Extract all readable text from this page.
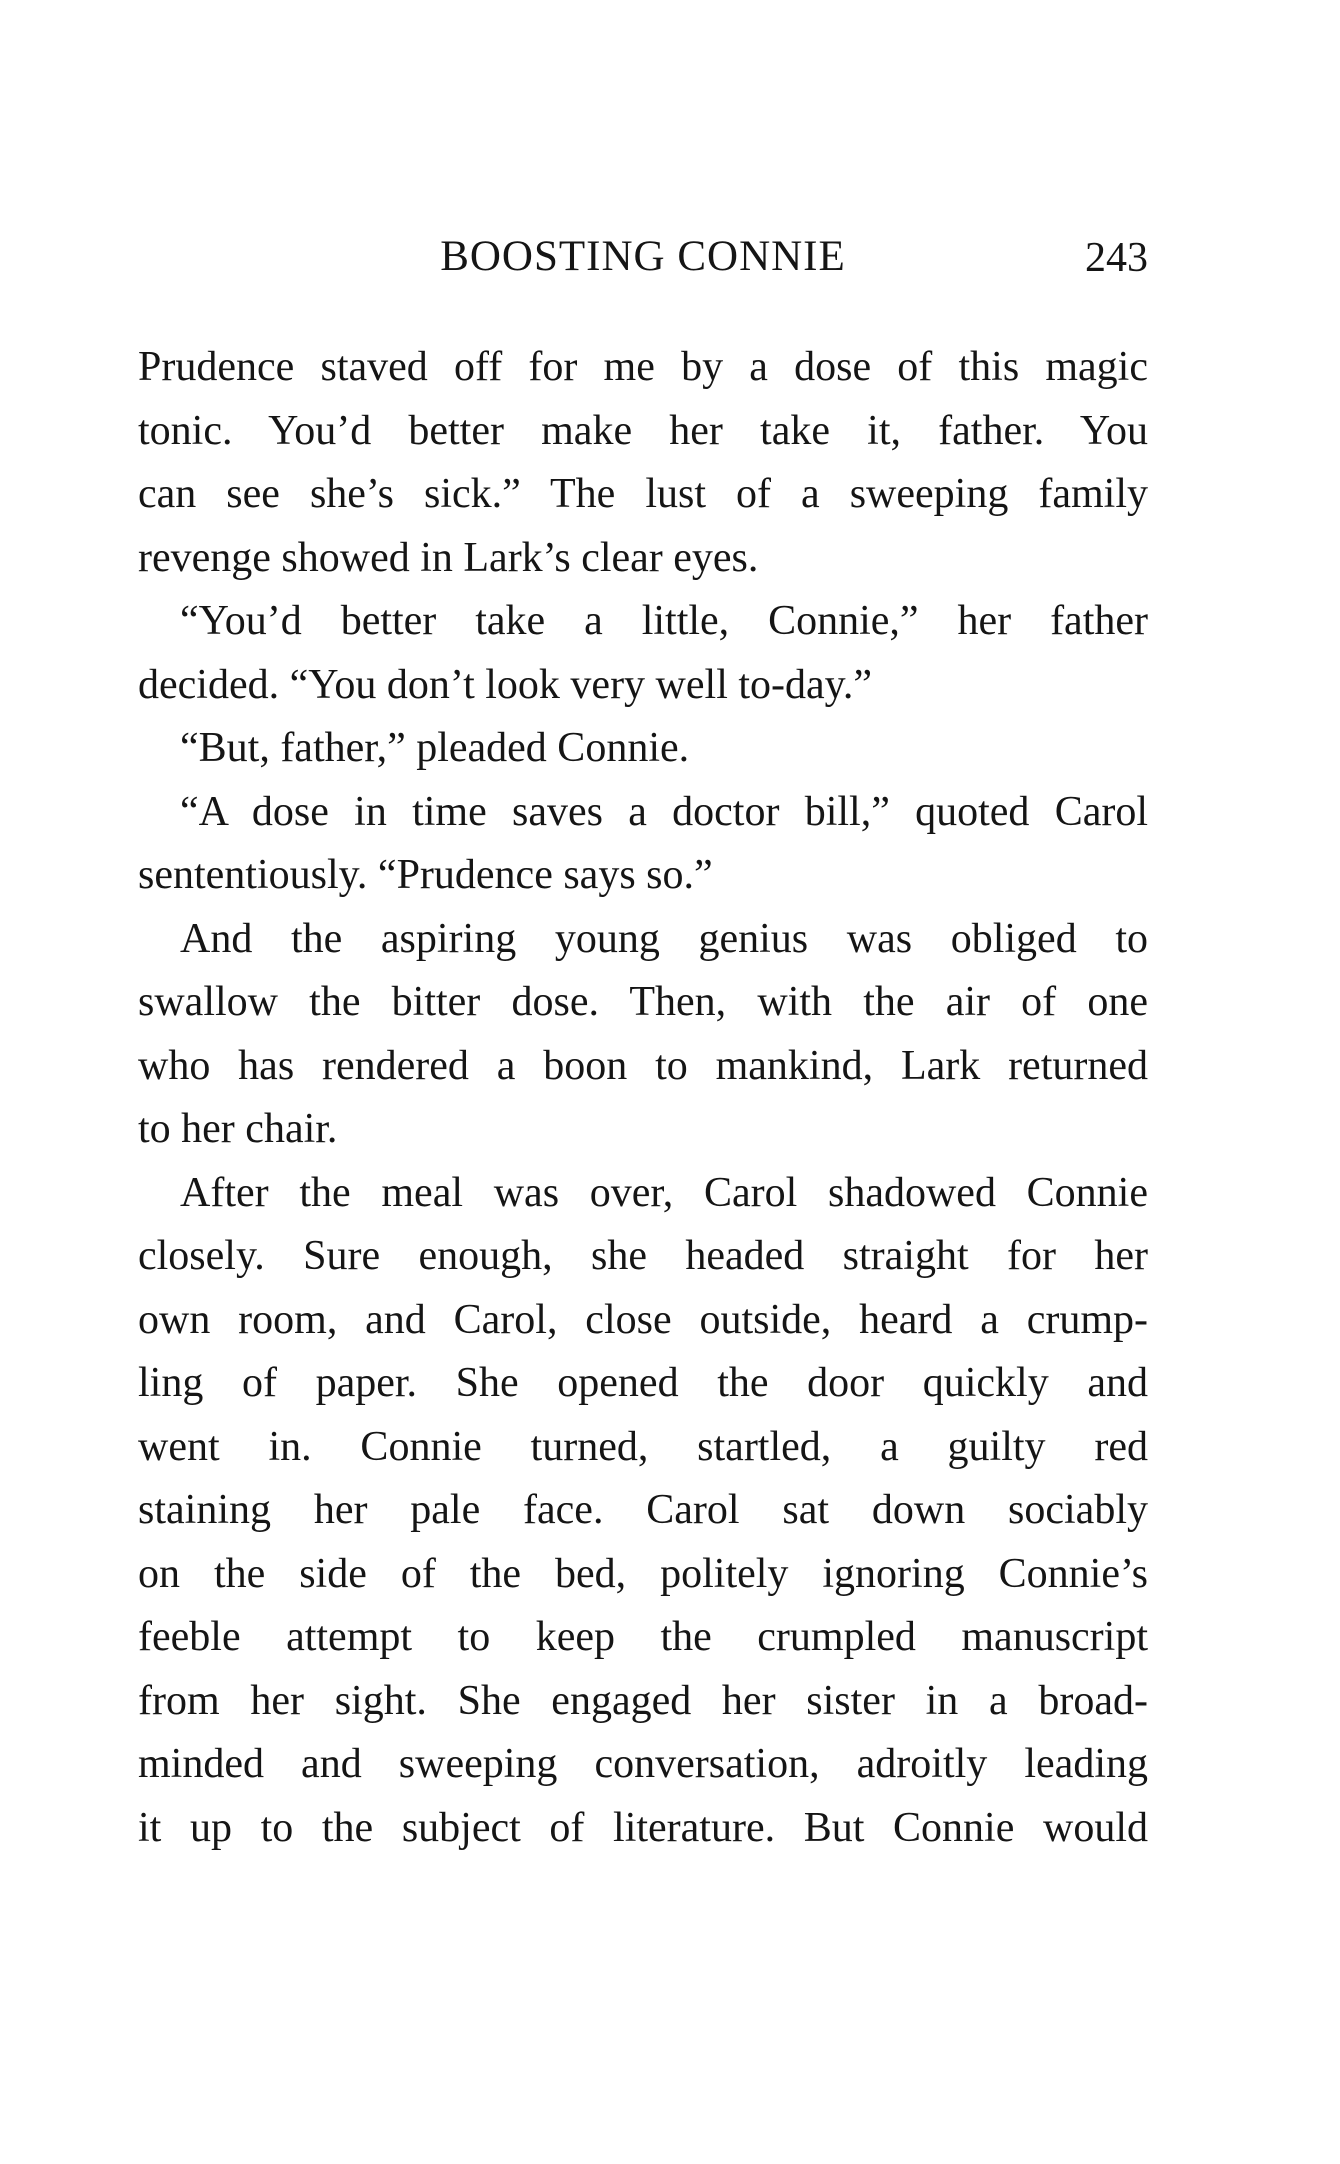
BOOSTING CONNIE	243
Prudence staved off for me by a dose of this magic
tonic. You’d better make her take it, father. You
can see she’s sick.” The lust of a sweeping family
revenge showed in Lark’s clear eyes.
“You’d better take a little, Connie,” her father
decided. “You don’t look very well to-day.”
“But, father,” pleaded Connie.
“A dose in time saves a doctor bill,” quoted Carol
sententiously. “Prudence says so.”
And the aspiring young genius was obliged to
swallow the bitter dose. Then, with the air of one
who has rendered a boon to mankind, Lark returned
to her chair.
After the meal was over, Carol shadowed Connie
closely. Sure enough, she headed straight for her
own room, and Carol, close outside, heard a crump-
ling of paper. She opened the door quickly and
went in. Connie turned, startled, a guilty red
staining her pale face. Carol sat down sociably
on the side of the bed, politely ignoring Connie’s
feeble attempt to keep the crumpled manuscript
from her sight. She engaged her sister in a broad-
minded and sweeping conversation, adroitly leading
it up to the subject of literature. But Connie would
